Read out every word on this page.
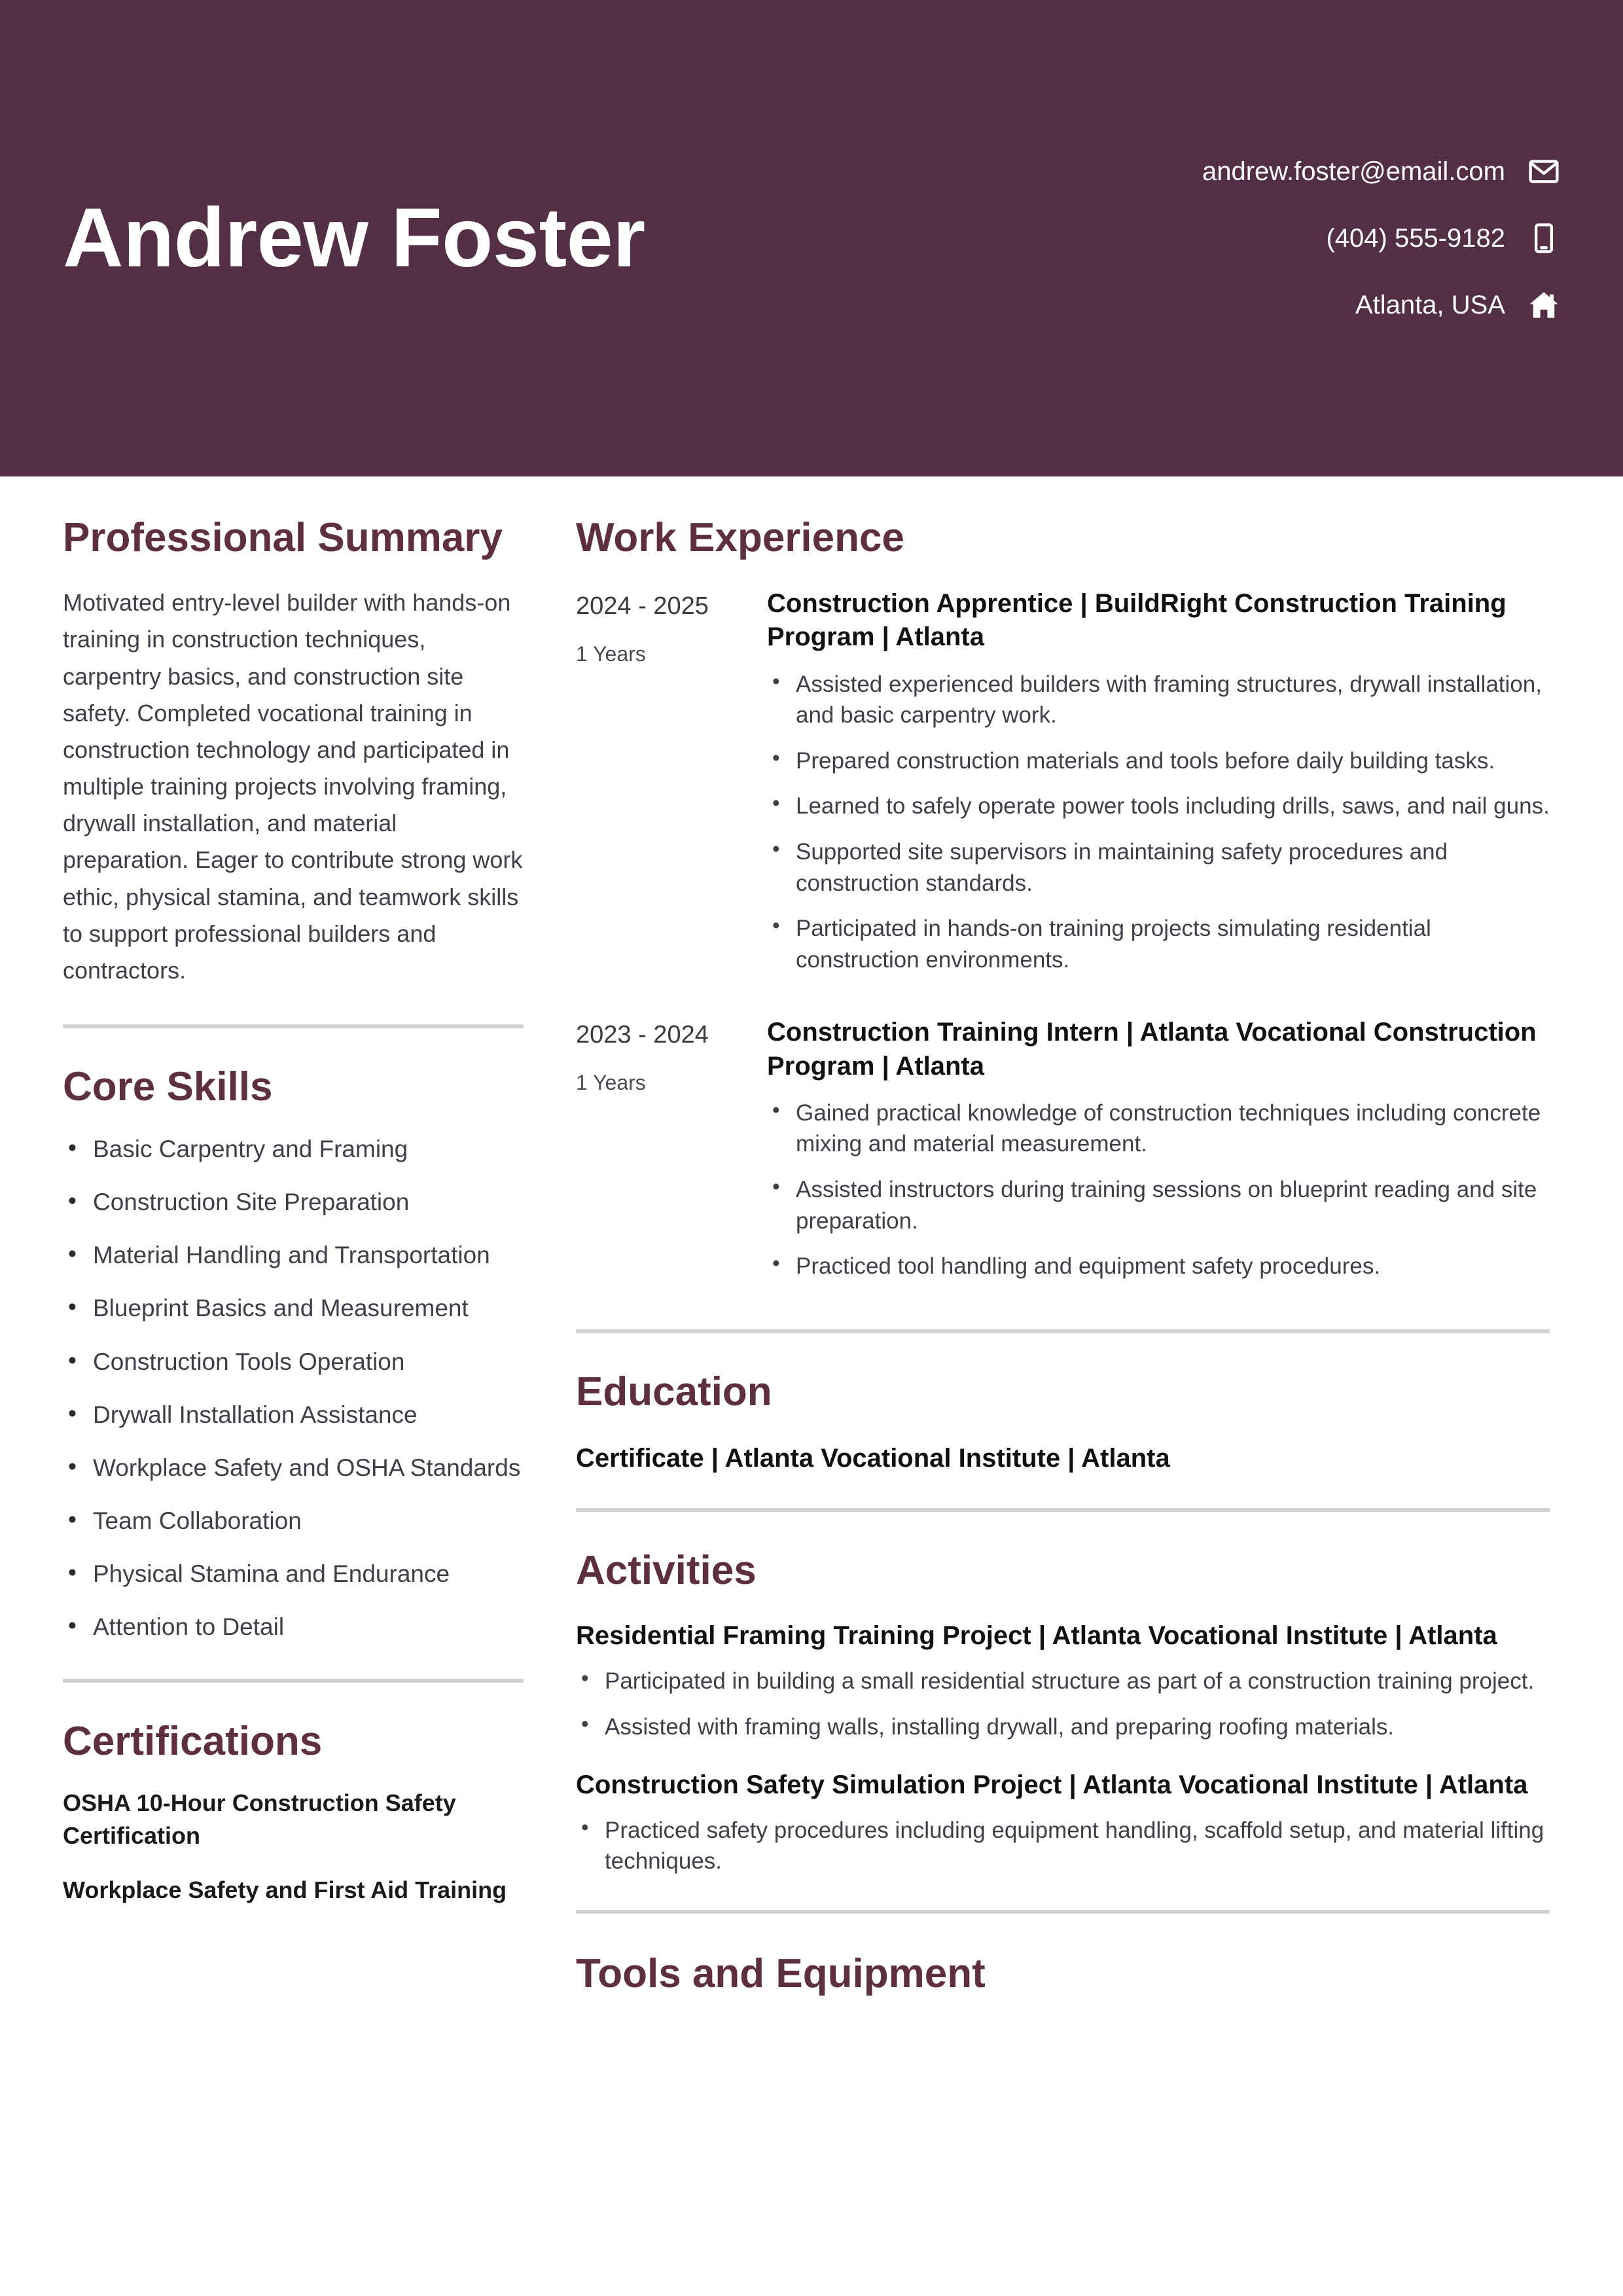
Andrew Foster
andrew.foster@email.com
(404) 555-9182
Atlanta, USA
Professional Summary

Motivated entry-level builder with hands-on training in construction techniques, carpentry basics, and construction site safety. Completed vocational training in construction technology and participated in multiple training projects involving framing, drywall installation, and material preparation. Eager to contribute strong work ethic, physical stamina, and teamwork skills to support professional builders and contractors.

Core Skills
• Basic Carpentry and Framing
• Construction Site Preparation
• Material Handling and Transportation
• Blueprint Basics and Measurement
• Construction Tools Operation
• Drywall Installation Assistance
• Workplace Safety and OSHA Standards
• Team Collaboration
• Physical Stamina and Endurance
• Attention to Detail
Certifications
OSHA 10-Hour Construction Safety Certification
Workplace Safety and First Aid Training
Work Experience
2024 - 2025
1 Years
Construction Apprentice | BuildRight Construction Training Program | Atlanta
• Assisted experienced builders with framing structures, drywall installation, and basic carpentry work.
• Prepared construction materials and tools before daily building tasks.
• Learned to safely operate power tools including drills, saws, and nail guns.
• Supported site supervisors in maintaining safety procedures and construction standards.
• Participated in hands-on training projects simulating residential construction environments.
2023 - 2024
1 Years
Construction Training Intern | Atlanta Vocational Construction Program | Atlanta
• Gained practical knowledge of construction techniques including concrete mixing and material measurement.
• Assisted instructors during training sessions on blueprint reading and site preparation.
• Practiced tool handling and equipment safety procedures.
Education
Certificate | Atlanta Vocational Institute | Atlanta
Activities
Residential Framing Training Project | Atlanta Vocational Institute | Atlanta
• Participated in building a small residential structure as part of a construction training project.
• Assisted with framing walls, installing drywall, and preparing roofing materials.
Construction Safety Simulation Project | Atlanta Vocational Institute | Atlanta
• Practiced safety procedures including equipment handling, scaffold setup, and material lifting techniques.
Tools and Equipment
